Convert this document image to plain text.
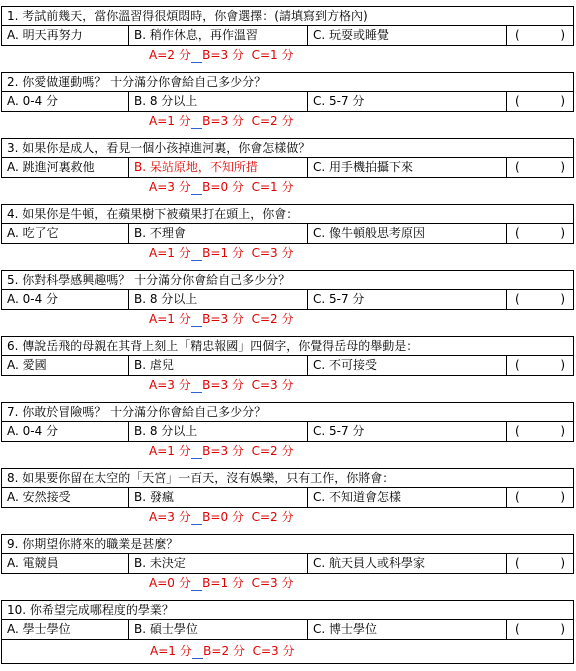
1. 考試前幾天，當你溫習得很煩悶時，你會選擇：(請填寫到方格內)
A. 明天再努力	B. 稍作休息，再作溫習	C. 玩耍或睡覺	(	)
A=2 分 B=3 分 C=1 分
2. 你愛做運動嗎？ 十分滿分你會給自己多少分？
A. 0-4 分	B. 8 分以上	C. 5-7 分	(	)
A=1 分 B=3 分 C=2 分
3. 如果你是成人，看見一個小孩掉進河裏，你會怎樣做？
A. 跳進河裏救他	B. 呆站原地，不知所措	C. 用手機拍攝下來	(	)
A=3 分 B=0 分 C=1 分
4. 如果你是牛頓，在蘋果樹下被蘋果打在頭上，你會：
A. 吃了它	B. 不理會	C. 像牛頓般思考原因	(	)
A=1 分 B=1 分 C=3 分
5. 你對科學感興趣嗎？ 十分滿分你會給自己多少分？
A. 0-4 分	B. 8 分以上	C. 5-7 分	(	)
A=1 分 B=3 分 C=2 分
6. 傳說岳飛的母親在其背上刻上「精忠報國」四個字，你覺得岳母的舉動是：
A. 愛國	B. 虐兒	C. 不可接受	(	)
A=3 分 B=3 分 C=3 分
7. 你敢於冒險嗎？ 十分滿分你會給自己多少分？
A. 0-4 分	B. 8 分以上	C. 5-7 分	(	)
A=1 分 B=3 分 C=2 分
8. 如果要你留在太空的「天宮」一百天，沒有娛樂，只有工作，你將會：
A. 安然接受	B. 發瘋	C. 不知道會怎樣	(	)
A=3 分 B=0 分 C=2 分
9. 你期望你將來的職業是甚麼？
A. 電競員	B. 未決定	C. 航天員人或科學家	(	)
A=0 分 B=1 分 C=3 分
10. 你希望完成哪程度的學業？
A. 學士學位	B. 碩士學位	C. 博士學位	(	)
A=1 分 B=2 分 C=3 分
